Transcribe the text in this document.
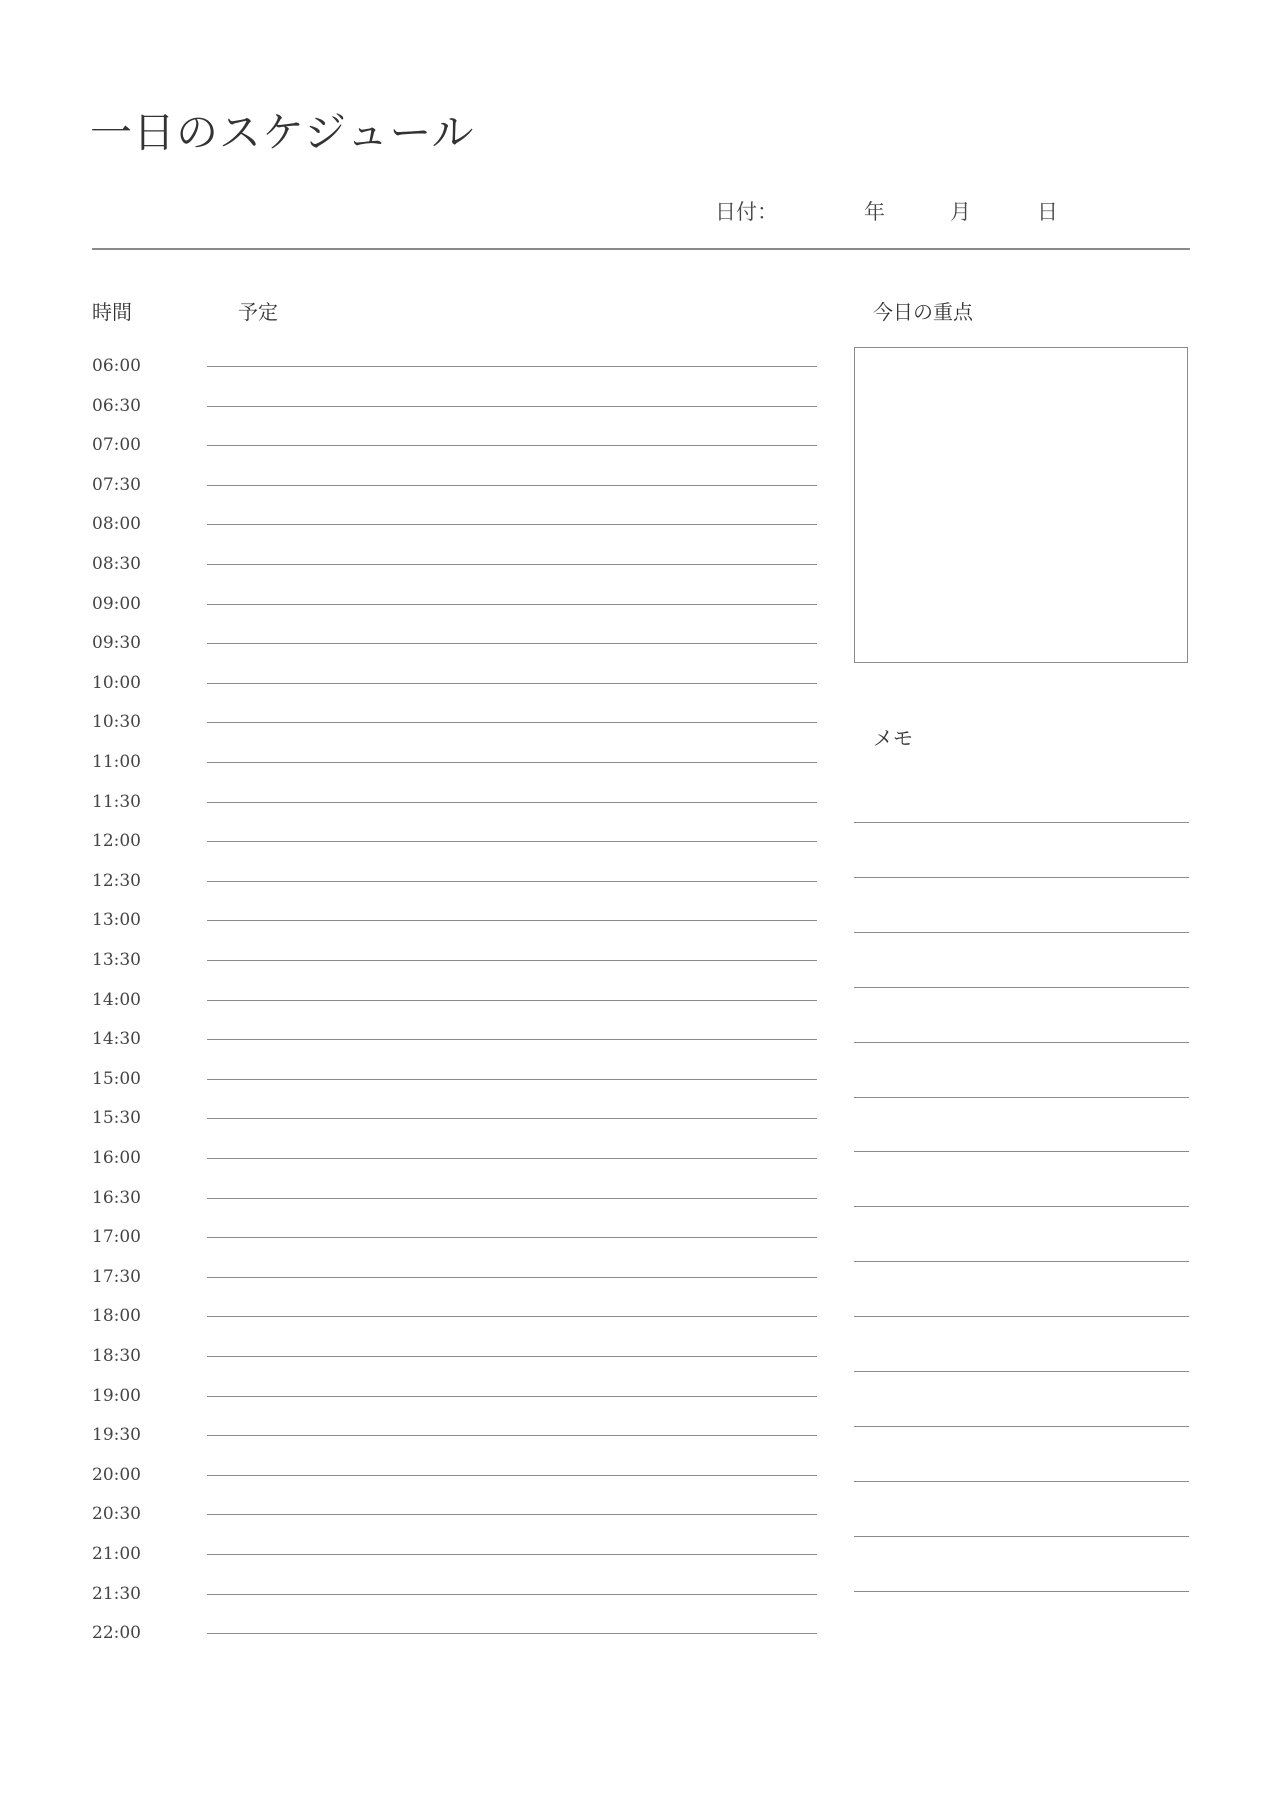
一日のスケジュール
日付：	年	月	日
時間	予定	今日の重点
06:00
06:30
07:00
07:30
08:00
08:30
09:00
09:30
10:00
10:30
11:00
11:30
12:00
12:30
13:00
13:30
14:00
14:30
15:00
15:30
16:00
16:30
17:00
17:30
18:00
18:30
19:00
19:30
20:00
20:30
21:00
21:30
22:00
メモ
